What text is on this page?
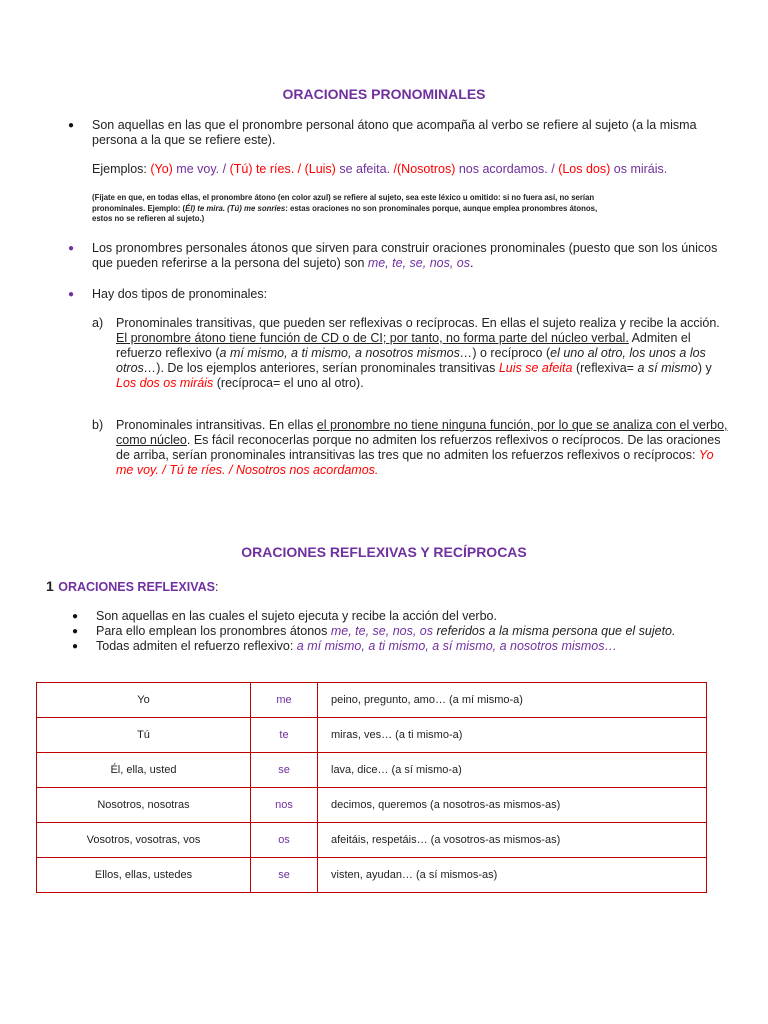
ORACIONES PRONOMINALES
● Son aquellas en las que el pronombre personal átono que acompaña al verbo se refiere al sujeto (a la misma persona a la que se refiere este).
Ejemplos: (Yo) me voy. / (Tú) te ríes. / (Luis) se afeita. /(Nosotros) nos acordamos. / (Los dos) os miráis.
(Fíjate en que, en todas ellas, el pronombre átono (en color azul) se refiere al sujeto, sea este léxico u omitido: si no fuera así, no serían
pronominales. Ejemplo: (Él) te mira. (Tú) me sonríes: estas oraciones no son pronominales porque, aunque emplea pronombres átonos,
estos no se refieren al sujeto.)
● Los pronombres personales átonos que sirven para construir oraciones pronominales (puesto que son los únicos que pueden referirse a la persona del sujeto) son me, te, se, nos, os.
● Hay dos tipos de pronominales:
a) Pronominales transitivas, que pueden ser reflexivas o recíprocas. En ellas el sujeto realiza y recibe la acción. El pronombre átono tiene función de CD o de CI; por tanto, no forma parte del núcleo verbal. Admiten el refuerzo reflexivo (a mí mismo, a ti mismo, a nosotros mismos…) o recíproco (el uno al otro, los unos a los otros…). De los ejemplos anteriores, serían pronominales transitivas Luis se afeita (reflexiva= a sí mismo) y Los dos os miráis (recíproca= el uno al otro).
b) Pronominales intransitivas. En ellas el pronombre no tiene ninguna función, por lo que se analiza con el verbo, como núcleo. Es fácil reconocerlas porque no admiten los refuerzos reflexivos o recíprocos. De las oraciones de arriba, serían pronominales intransitivas las tres que no admiten los refuerzos reflexivos o recíprocos: Yo me voy. / Tú te ríes. / Nosotros nos acordamos.
ORACIONES REFLEXIVAS Y RECÍPROCAS
1 ORACIONES REFLEXIVAS:
● Son aquellas en las cuales el sujeto ejecuta y recibe la acción del verbo.
● Para ello emplean los pronombres átonos me, te, se, nos, os referidos a la misma persona que el sujeto.
● Todas admiten el refuerzo reflexivo: a mí mismo, a ti mismo, a sí mismo, a nosotros mismos…
Yo	me	peino, pregunto, amo… (a mí mismo-a)
Tú	te	miras, ves… (a ti mismo-a)
Él, ella, usted	se	lava, dice… (a sí mismo-a)
Nosotros, nosotras	nos	decimos, queremos (a nosotros-as mismos-as)
Vosotros, vosotras, vos	os	afeitáis, respetáis… (a vosotros-as mismos-as)
Ellos, ellas, ustedes	se	visten, ayudan… (a sí mismos-as)
